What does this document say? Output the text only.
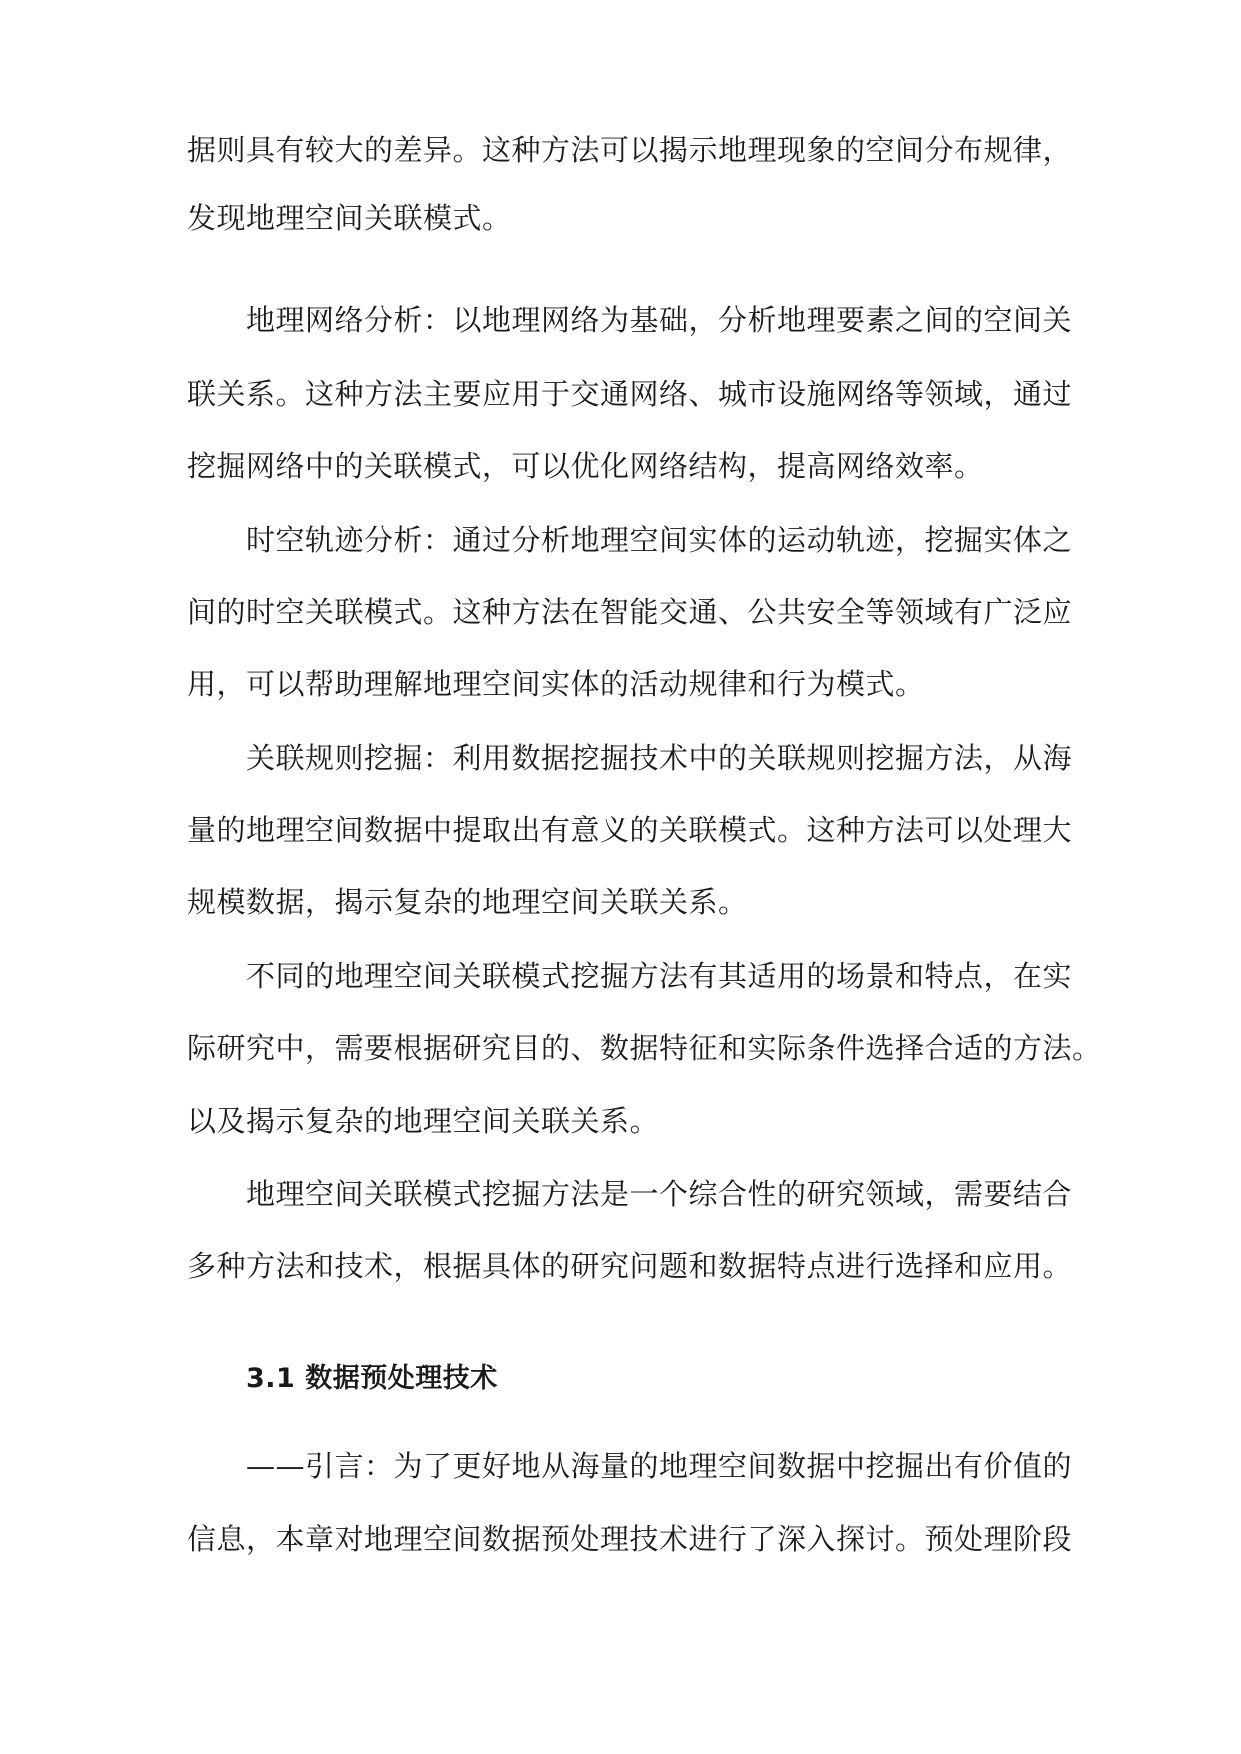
据则具有较大的差异。这种方法可以揭示地理现象的空间分布规律，
发现地理空间关联模式。
地理网络分析：以地理网络为基础，分析地理要素之间的空间关
联关系。这种方法主要应用于交通网络、城市设施网络等领域，通过
挖掘网络中的关联模式，可以优化网络结构，提高网络效率。
时空轨迹分析：通过分析地理空间实体的运动轨迹，挖掘实体之
间的时空关联模式。这种方法在智能交通、公共安全等领域有广泛应
用，可以帮助理解地理空间实体的活动规律和行为模式。
关联规则挖掘：利用数据挖掘技术中的关联规则挖掘方法，从海
量的地理空间数据中提取出有意义的关联模式。这种方法可以处理大
规模数据，揭示复杂的地理空间关联关系。
不同的地理空间关联模式挖掘方法有其适用的场景和特点，在实
际研究中，需要根据研究目的、数据特征和实际条件选择合适的方法。
以及揭示复杂的地理空间关联关系。
地理空间关联模式挖掘方法是一个综合性的研究领域，需要结合
多种方法和技术，根据具体的研究问题和数据特点进行选择和应用。
3.1 数据预处理技术
——引言：为了更好地从海量的地理空间数据中挖掘出有价值的
信息，本章对地理空间数据预处理技术进行了深入探讨。预处理阶段
